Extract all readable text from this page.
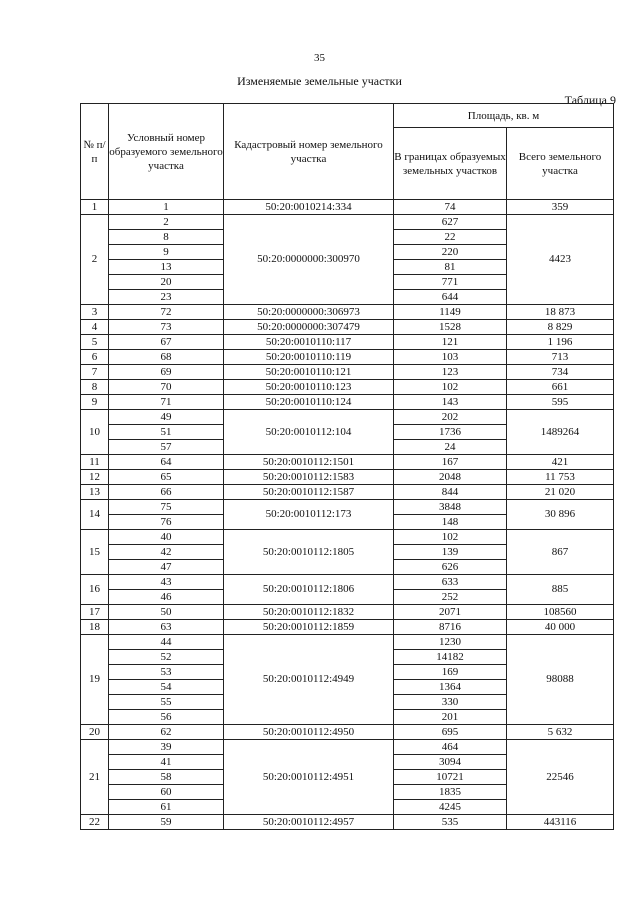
35
Изменяемые земельные участки
Таблица 9
№ п/п	Условный номер образуемого земельного участка	Кадастровый номер земельного участка	Площадь, кв. м	
			В границах образуемых земельных участков	Всего земельного участка
1	1	50:20:0010214:334	74	359
2	2	50:20:0000000:300970	627	4423
	8		22	
	9		220	
	13		81	
	20		771	
	23		644	
3	72	50:20:0000000:306973	1149	18 873
4	73	50:20:0000000:307479	1528	8 829
5	67	50:20:0010110:117	121	1 196
6	68	50:20:0010110:119	103	713
7	69	50:20:0010110:121	123	734
8	70	50:20:0010110:123	102	661
9	71	50:20:0010110:124	143	595
10	49	50:20:0010112:104	202	1489264
	51		1736	
	57		24	
11	64	50:20:0010112:1501	167	421
12	65	50:20:0010112:1583	2048	11 753
13	66	50:20:0010112:1587	844	21 020
14	75	50:20:0010112:173	3848	30 896
	76		148	
15	40	50:20:0010112:1805	102	867
	42		139	
	47		626	
16	43	50:20:0010112:1806	633	885
	46		252	
17	50	50:20:0010112:1832	2071	108560
18	63	50:20:0010112:1859	8716	40 000
19	44	50:20:0010112:4949	1230	98088
	52		14182	
	53		169	
	54		1364	
	55		330	
	56		201	
20	62	50:20:0010112:4950	695	5 632
21	39	50:20:0010112:4951	464	22546
	41		3094	
	58		10721	
	60		1835	
	61		4245	
22	59	50:20:0010112:4957	535	443116
